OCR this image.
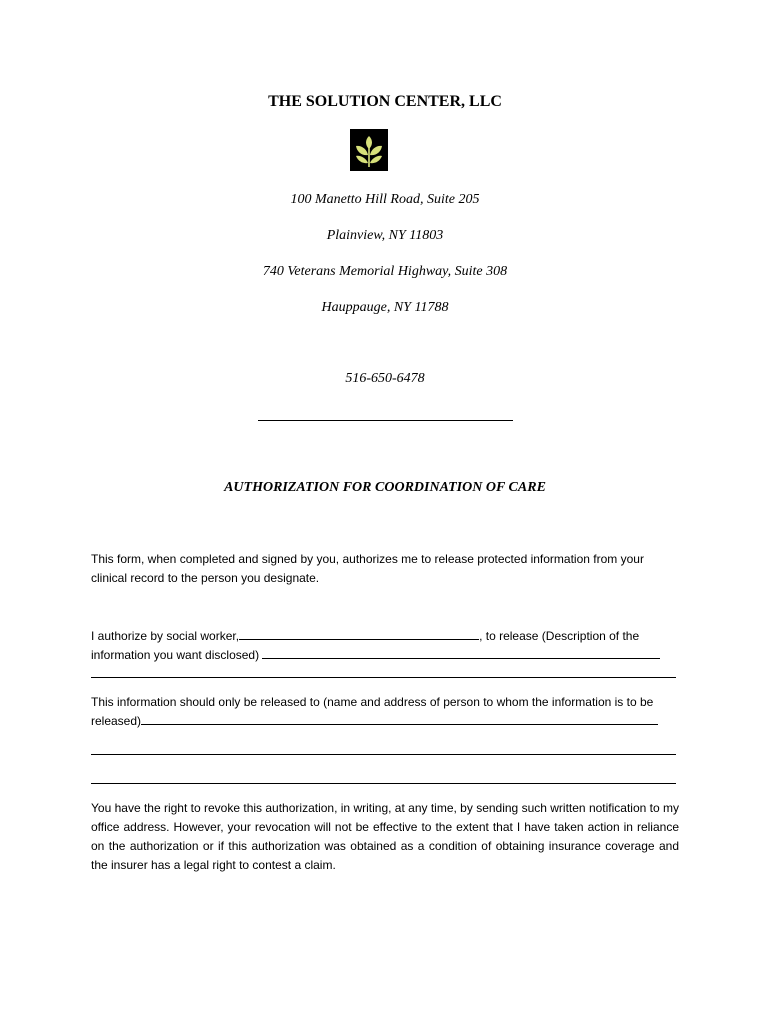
THE SOLUTION CENTER, LLC
100 Manetto Hill Road, Suite 205
Plainview, NY 11803
740 Veterans Memorial Highway, Suite 308
Hauppauge, NY 11788
516-650-6478
AUTHORIZATION FOR COORDINATION OF CARE
This form, when completed and signed by you, authorizes me to release protected information from your clinical record to the person you designate.
I authorize by social worker,	, to release (Description of the information you want disclosed)
This information should only be released to (name and address of person to whom the information is to be released)
You have the right to revoke this authorization, in writing, at any time, by sending such written notification to my office address. However, your revocation will not be effective to the extent that I have taken action in reliance on the authorization or if this authorization was obtained as a condition of obtaining insurance coverage and the insurer has a legal right to contest a claim.
